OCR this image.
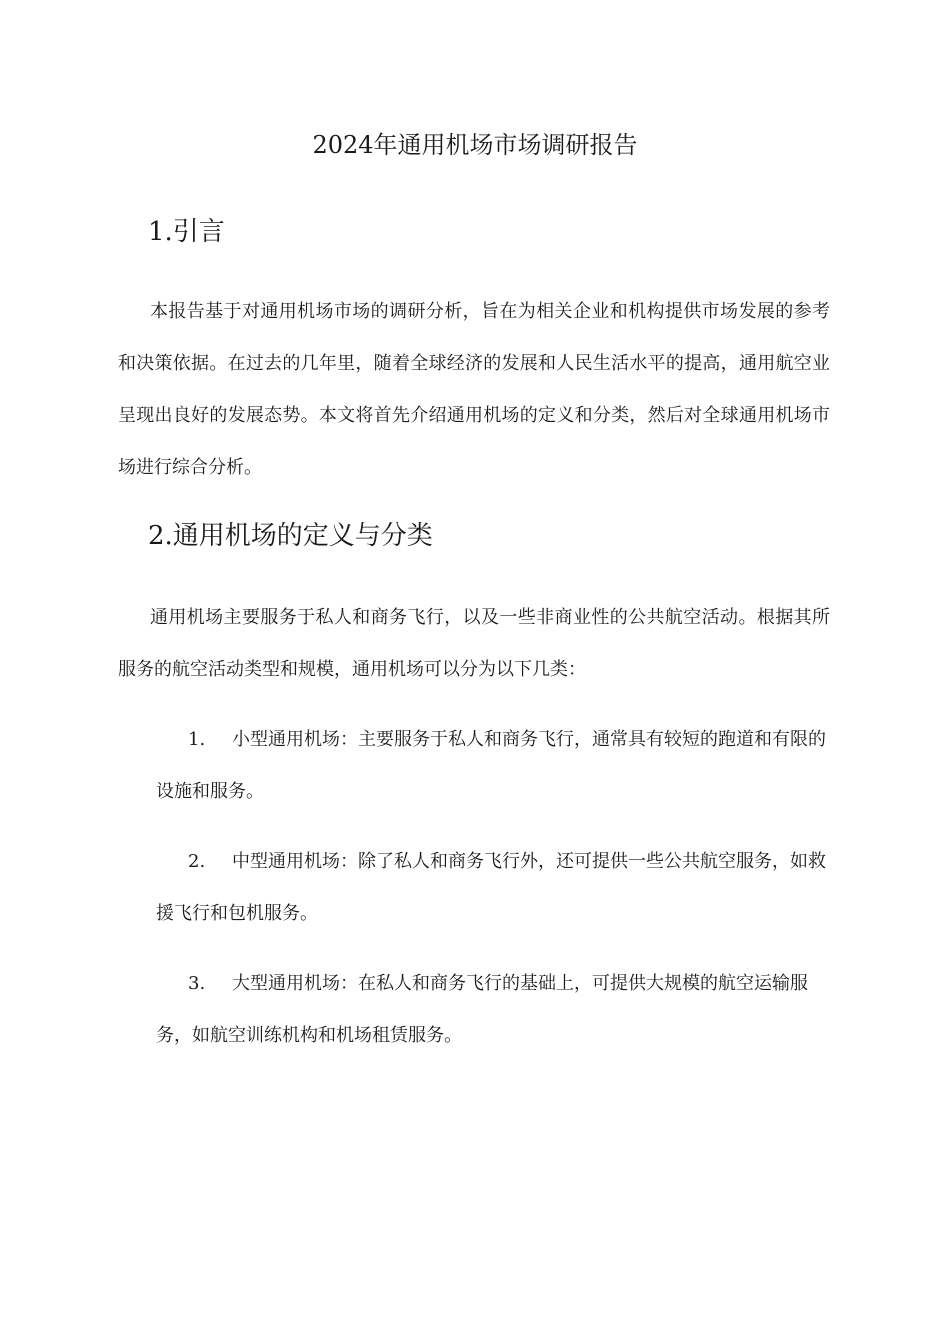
2024年通用机场市场调研报告
1.引言

本报告基于对通用机场市场的调研分析，旨在为相关企业和机构提供市场发展的参考和决策依据。在过去的几年里，随着全球经济的发展和人民生活水平的提高，通用航空业呈现出良好的发展态势。本文将首先介绍通用机场的定义和分类，然后对全球通用机场市场进行综合分析。

2.通用机场的定义与分类

通用机场主要服务于私人和商务飞行，以及一些非商业性的公共航空活动。根据其所服务的航空活动类型和规模，通用机场可以分为以下几类：

1. 小型通用机场：主要服务于私人和商务飞行，通常具有较短的跑道和有限的设施和服务。

2. 中型通用机场：除了私人和商务飞行外，还可提供一些公共航空服务，如救援飞行和包机服务。

3. 大型通用机场：在私人和商务飞行的基础上，可提供大规模的航空运输服务，如航空训练机构和机场租赁服务。
